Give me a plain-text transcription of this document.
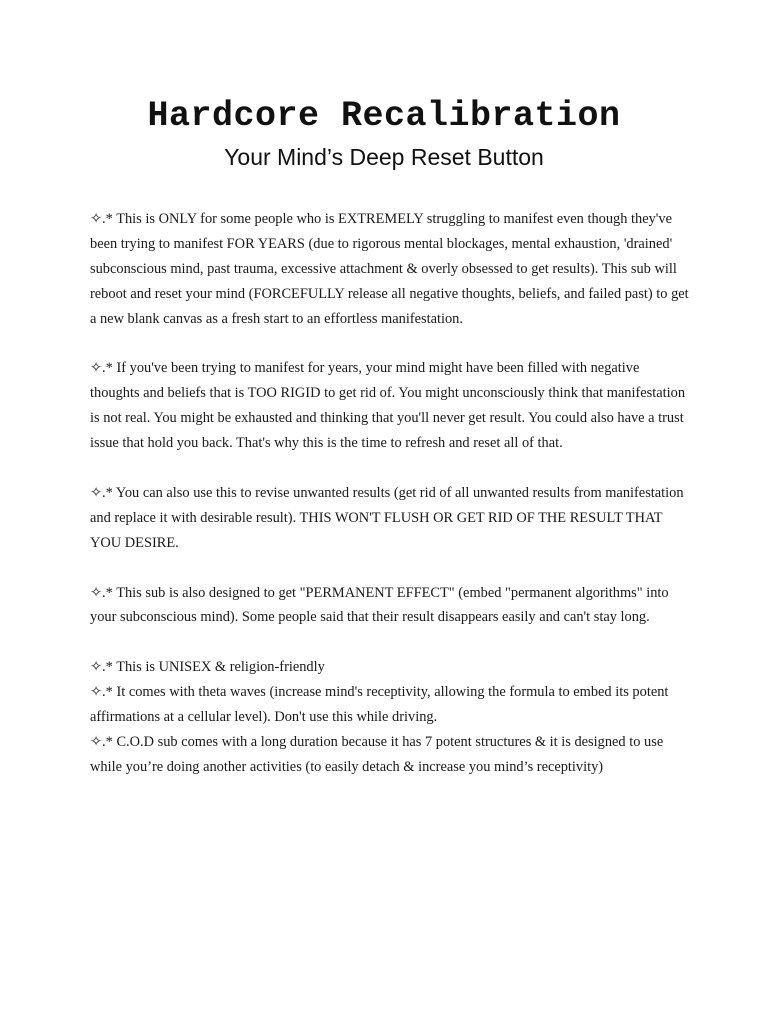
Hardcore Recalibration
Your Mind’s Deep Reset Button

✧.* This is ONLY for some people who is EXTREMELY struggling to manifest even though they've been trying to manifest FOR YEARS (due to rigorous mental blockages, mental exhaustion, 'drained' subconscious mind, past trauma, excessive attachment & overly obsessed to get results). This sub will reboot and reset your mind (FORCEFULLY release all negative thoughts, beliefs, and failed past) to get a new blank canvas as a fresh start to an effortless manifestation.

✧.* If you've been trying to manifest for years, your mind might have been filled with negative thoughts and beliefs that is TOO RIGID to get rid of. You might unconsciously think that manifestation is not real. You might be exhausted and thinking that you'll never get result. You could also have a trust issue that hold you back. That's why this is the time to refresh and reset all of that.

✧.* You can also use this to revise unwanted results (get rid of all unwanted results from manifestation and replace it with desirable result). THIS WON'T FLUSH OR GET RID OF THE RESULT THAT YOU DESIRE.

✧.* This sub is also designed to get "PERMANENT EFFECT" (embed "permanent algorithms" into your subconscious mind). Some people said that their result disappears easily and can't stay long.

✧.* This is UNISEX & religion-friendly

✧.* It comes with theta waves (increase mind's receptivity, allowing the formula to embed its potent affirmations at a cellular level). Don't use this while driving.

✧.* C.O.D sub comes with a long duration because it has 7 potent structures & it is designed to use while you’re doing another activities (to easily detach & increase you mind’s receptivity)
